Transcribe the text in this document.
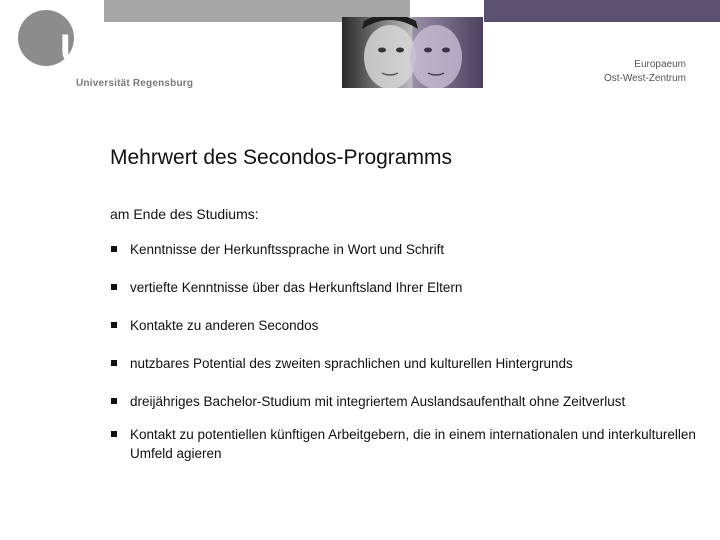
UR
Universität Regensburg
Europaeum
Ost-West-Zentrum
Mehrwert des Secondos-Programms
am Ende des Studiums:
Kenntnisse der Herkunftssprache in Wort und Schrift
vertiefte Kenntnisse über das Herkunftsland Ihrer Eltern
Kontakte zu anderen Secondos
nutzbares Potential des zweiten sprachlichen und kulturellen Hintergrunds
dreijähriges Bachelor-Studium mit integriertem Auslandsaufenthalt ohne Zeitverlust
Kontakt zu potentiellen künftigen Arbeitgebern, die in einem internationalen und interkulturellen Umfeld agieren
